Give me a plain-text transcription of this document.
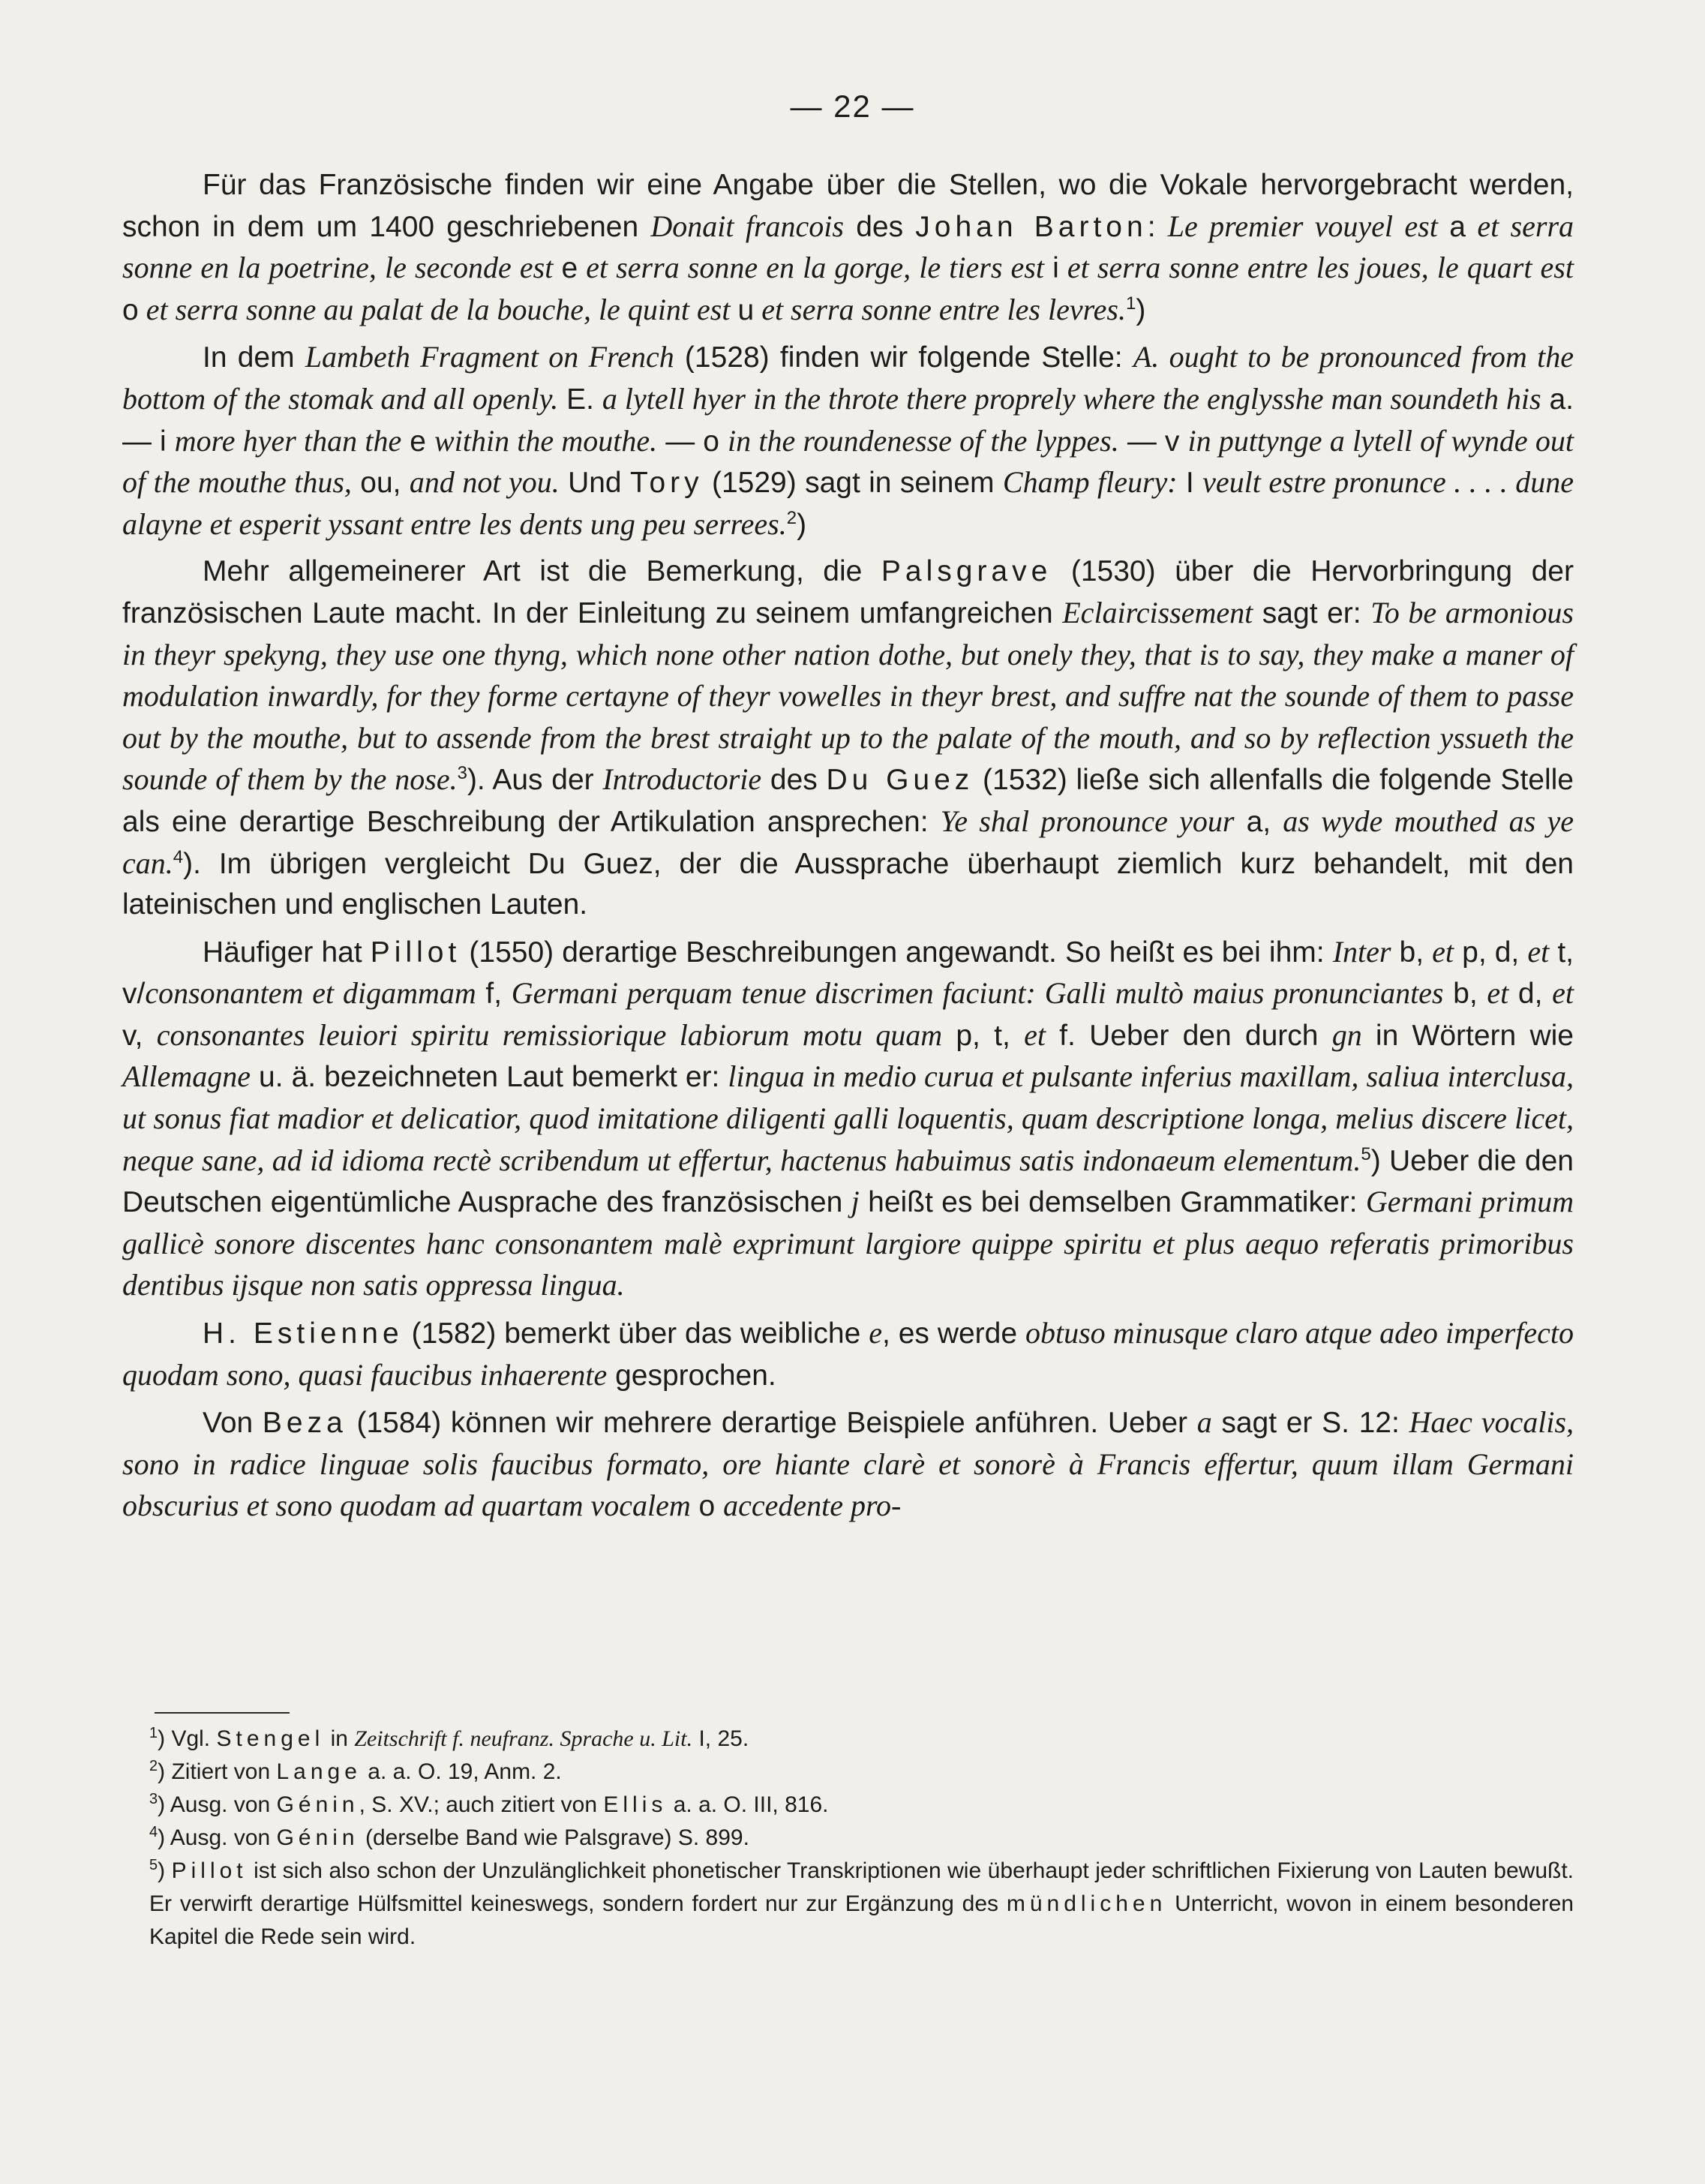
— 22 —

Für das Französische finden wir eine Angabe über die Stellen, wo die Vokale hervorgebracht werden, schon in dem um 1400 geschriebenen Donait francois des Johan Barton: Le premier vouyel est a et serra sonne en la poetrine, le seconde est e et serra sonne en la gorge, le tiers est i et serra sonne entre les joues, le quart est o et serra sonne au palat de la bouche, le quint est u et serra sonne entre les levres.$^1$)

In dem Lambeth Fragment on French (1528) finden wir folgende Stelle: A. ought to be pronounced from the bottom of the stomak and all openly. E. a lytell hyer in the throte there proprely where the englysshe man soundeth his a. — i more hyer than the e within the mouthe. — o in the roundenesse of the lyppes. — v in puttynge a lytell of wynde out of the mouthe thus, ou, and not you. Und Tory (1529) sagt in seinem Champ fleury: I veult estre pronunce . . . . dune alayne et esperit yssant entre les dents ung peu serrees.$^2$)

Mehr allgemeinerer Art ist die Bemerkung, die Palsgrave (1530) über die Hervorbringung der französischen Laute macht. In der Einleitung zu seinem umfangreichen Eclaircissement sagt er: To be armonious in theyr spekyng, they use one thyng, which none other nation dothe, but onely they, that is to say, they make a maner of modulation inwardly, for they forme certayne of theyr vowelles in theyr brest, and suffre nat the sounde of them to passe out by the mouthe, but to assende from the brest straight up to the palate of the mouth, and so by reflection yssueth the sounde of them by the nose.$^3$). Aus der Introductorie des Du Guez (1532) ließe sich allenfalls die folgende Stelle als eine derartige Beschreibung der Artikulation ansprechen: Ye shal pronounce your a, as wyde mouthed as ye can.$^4$). Im übrigen vergleicht Du Guez, der die Aussprache überhaupt ziemlich kurz behandelt, mit den lateinischen und englischen Lauten.

Häufiger hat Pillot (1550) derartige Beschreibungen angewandt. So heißt es bei ihm: Inter b, et p, d, et t, v/consonantem et digammam f, Germani perquam tenue discrimen faciunt: Galli multò maius pronunciantes b, et d, et v, consonantes leuiori spiritu remissiorique labiorum motu quam p, t, et f. Ueber den durch gn in Wörtern wie Allemagne u. ä. bezeichneten Laut bemerkt er: lingua in medio curua et pulsante inferius maxillam, saliua interclusa, ut sonus fiat madior et delicatior, quod imitatione diligenti galli loquentis, quam descriptione longa, melius discere licet, neque sane, ad id idioma rectè scribendum ut effertur, hactenus habuimus satis indonaeum elementum.$^5$) Ueber die den Deutschen eigentümliche Ausprache des französischen j heißt es bei demselben Grammatiker: Germani primum gallicè sonore discentes hanc consonantem malè exprimunt largiore quippe spiritu et plus aequo referatis primoribus dentibus ijsque non satis oppressa lingua.

H. Estienne (1582) bemerkt über das weibliche e, es werde obtuso minusque claro atque adeo imperfecto quodam sono, quasi faucibus inhaerente gesprochen.

Von Beza (1584) können wir mehrere derartige Beispiele anführen. Ueber a sagt er S. 12: Haec vocalis, sono in radice linguae solis faucibus formato, ore hiante clarè et sonorè à Francis effertur, quum illam Germani obscurius et sono quodam ad quartam vocalem o accedente pro-

$^1$) Vgl. Stengel in Zeitschrift f. neufranz. Sprache u. Lit. I, 25.

$^2$) Zitiert von Lange a. a. O. 19, Anm. 2.

$^3$) Ausg. von Génin, S. XV.; auch zitiert von Ellis a. a. O. III, 816.

$^4$) Ausg. von Génin (derselbe Band wie Palsgrave) S. 899.

$^5$) Pillot ist sich also schon der Unzulänglichkeit phonetischer Transkriptionen wie überhaupt jeder schriftlichen Fixierung von Lauten bewußt. Er verwirft derartige Hülfsmittel keineswegs, sondern fordert nur zur Ergänzung des mündlichen Unterricht, wovon in einem besonderen Kapitel die Rede sein wird.
